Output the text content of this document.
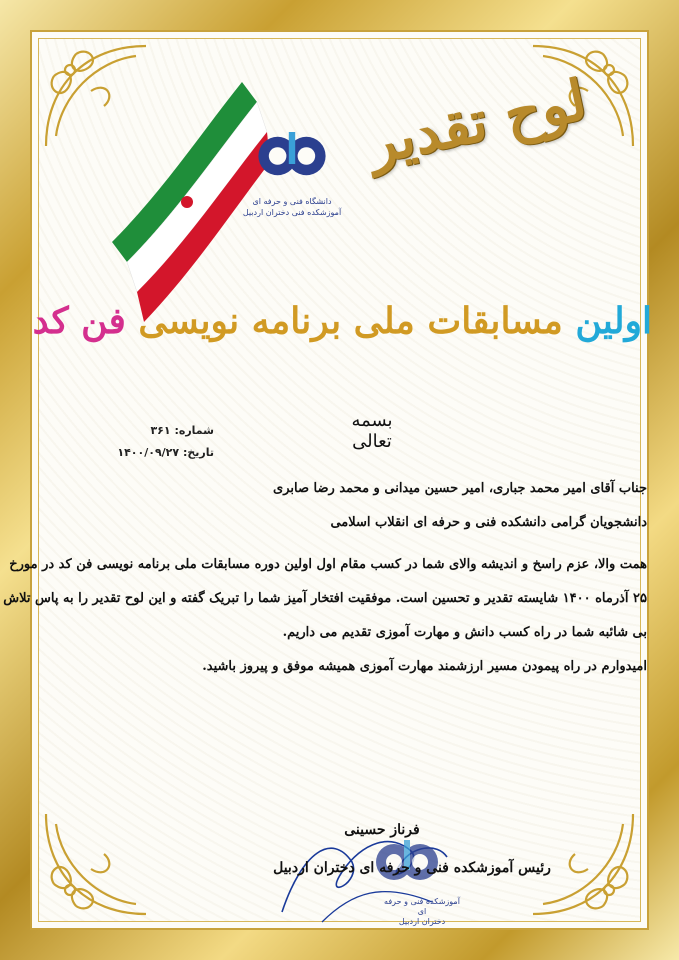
دانشگاه فنی و حرفه ای
آموزشکده فنی دختران اردبیل
لوح تقدیر
اولین مسابقات ملی برنامه نویسی فن کد
بسمه تعالی
شماره: ۳۶۱
تاریخ: ۱۴۰۰/۰۹/۲۷
جناب آقای امیر محمد جباری، امیر حسین میدانی و محمد رضا صابری
دانشجویان گرامی دانشکده فنی و حرفه ای انقلاب اسلامی
همت والا، عزم راسخ و اندیشه والای شما در کسب مقام اول اولین دوره مسابقات ملی برنامه نویسی فن کد در مورخ
۲۵ آذرماه ۱۴۰۰ شایسته تقدیر و تحسین است. موفقیت افتخار آمیز شما را تبریک گفته و این لوح تقدیر را به پاس تلاش
بی شائبه شما در راه کسب دانش و مهارت آموزی تقدیم می داریم.
امیدوارم در راه پیمودن مسیر ارزشمند مهارت آموزی همیشه موفق و پیروز باشید.
آموزشکده فنی و حرفه ای
دختران اردبیل
فرناز حسینی
رئیس آموزشکده فنی و حرفه ای دختران اردبیل
